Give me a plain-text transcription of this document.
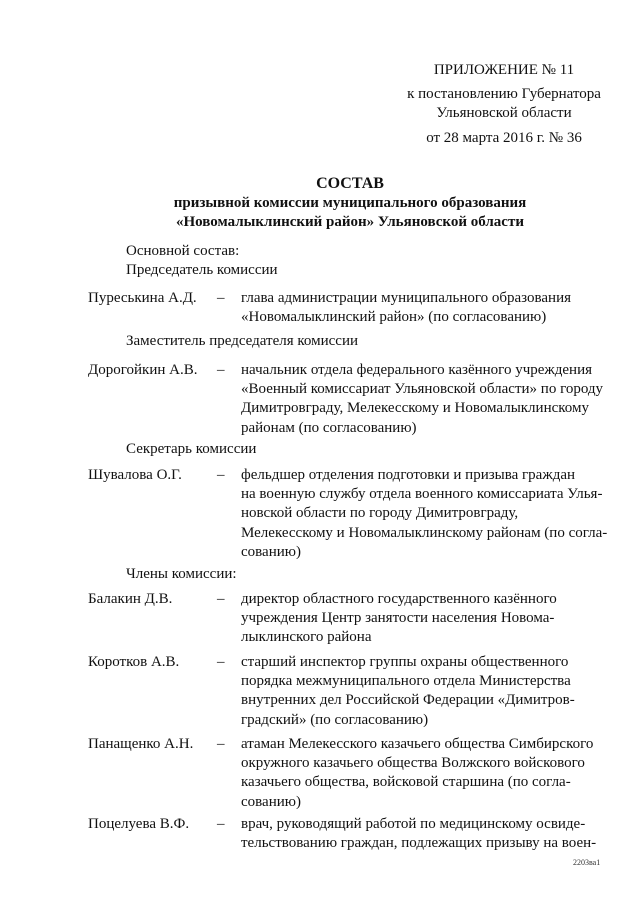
ПРИЛОЖЕНИЕ № 11
к постановлению Губернатора
Ульяновской области
от 28 марта 2016 г. № 36
СОСТАВ
призывной комиссии муниципального образования
«Новомалыклинский район» Ульяновской области
Основной состав:
Председатель комиссии
Пуреськина А.Д. – глава администрации муниципального образования
«Новомалыклинский район» (по согласованию)
Заместитель председателя комиссии
Дорогойкин А.В. – начальник отдела федерального казённого учреждения
«Военный комиссариат Ульяновской области» по городу
Димитровграду, Мелекесскому и Новомалыклинскому
районам (по согласованию)
Секретарь комиссии
Шувалова О.Г. – фельдшер отделения подготовки и призыва граждан
на военную службу отдела военного комиссариата Улья-
новской области по городу Димитровграду,
Мелекесскому и Новомалыклинскому районам (по согла-
сованию)
Члены комиссии:
Балакин Д.В.	– директор областного государственного казённого
учреждения Центр занятости населения Новома-
лыклинского района
Коротков А.В.	– старший инспектор группы охраны общественного
порядка межмуниципального отдела Министерства
внутренних дел Российской Федерации «Димитров-
градский» (по согласованию)
Панащенко А.Н. – атаман Мелекесского казачьего общества Симбирского
окружного казачьего общества Волжского войскового
казачьего общества, войсковой старшина (по согла-
сованию)
Поцелуева В.Ф. – врач, руководящий работой по медицинскому освиде-
тельствованию граждан, подлежащих призыву на воен-
2203ва1
